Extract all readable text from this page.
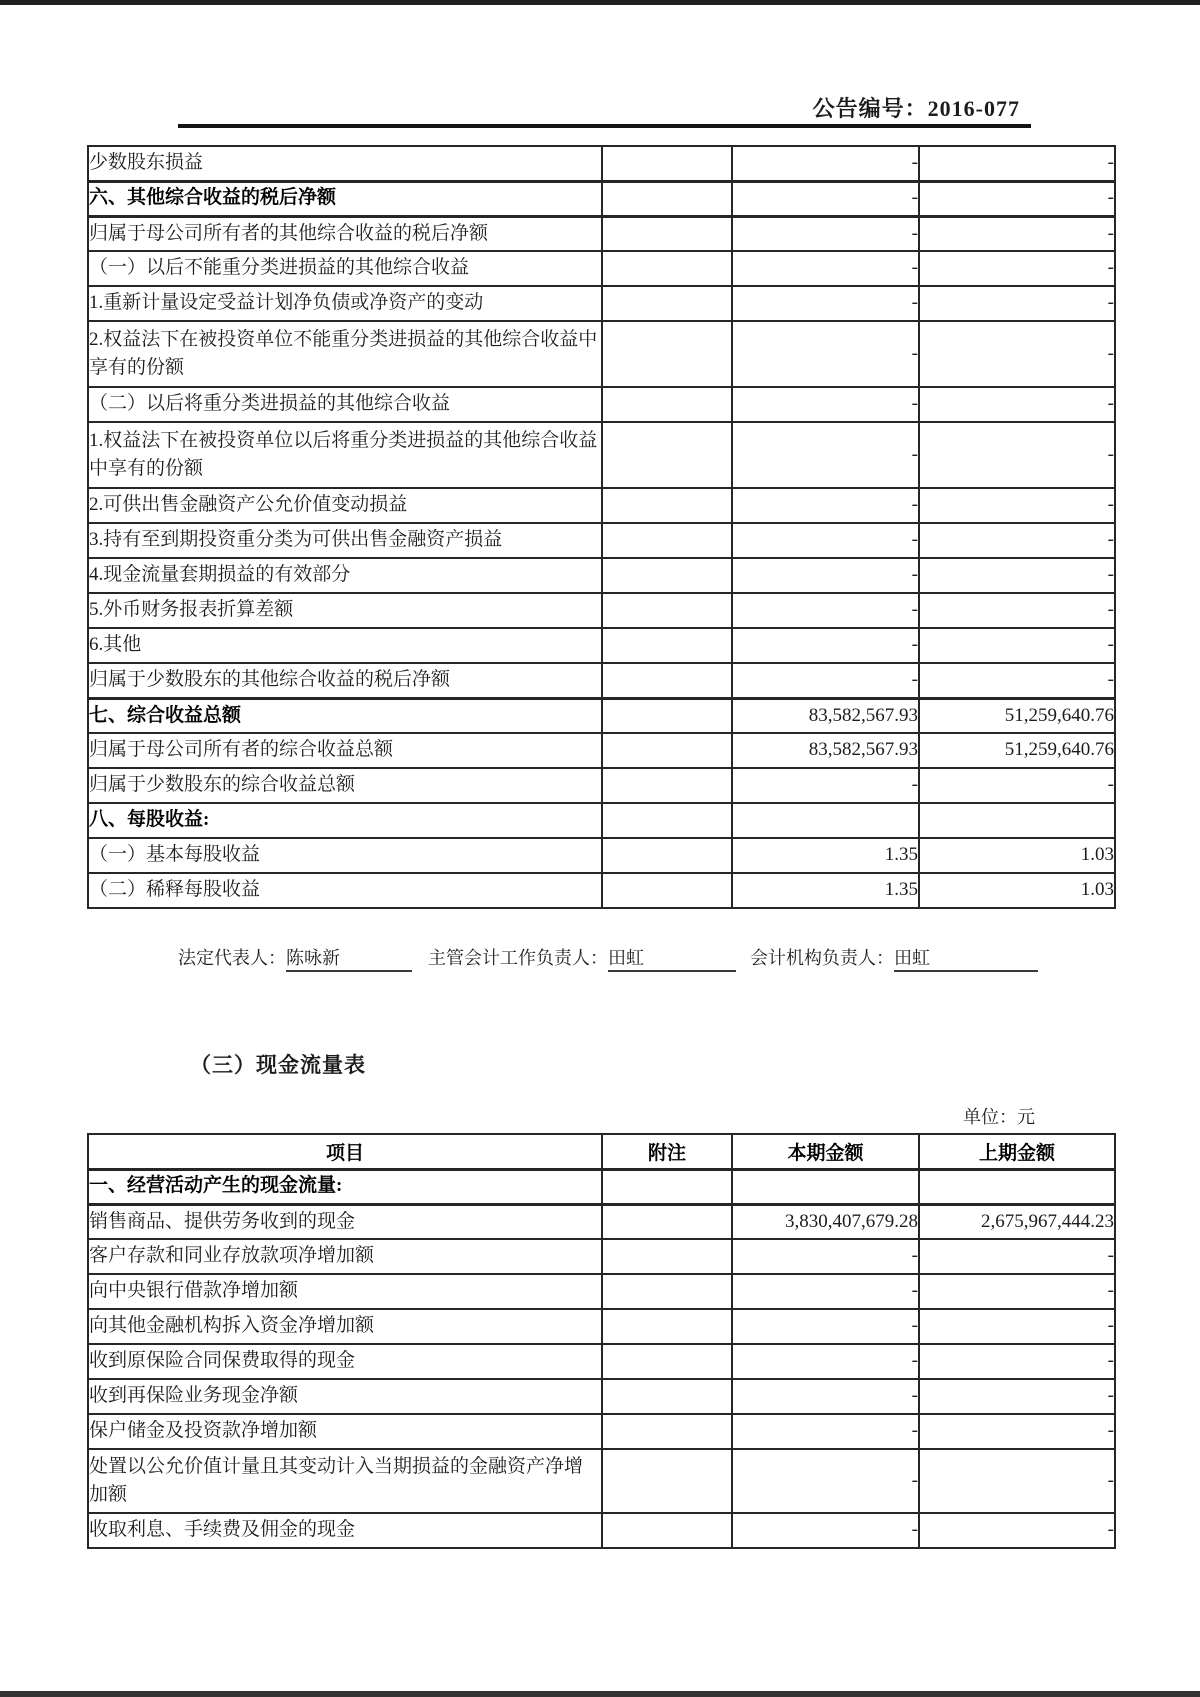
公告编号：2016-077
少数股东损益		-	-
六、其他综合收益的税后净额		-	-
归属于母公司所有者的其他综合收益的税后净额		-	-
（一）以后不能重分类进损益的其他综合收益		-	-
1.重新计量设定受益计划净负债或净资产的变动		-	-
2.权益法下在被投资单位不能重分类进损益的其他综合收益中享有的份额		-	-
（二）以后将重分类进损益的其他综合收益		-	-
1.权益法下在被投资单位以后将重分类进损益的其他综合收益中享有的份额		-	-
2.可供出售金融资产公允价值变动损益		-	-
3.持有至到期投资重分类为可供出售金融资产损益		-	-
4.现金流量套期损益的有效部分		-	-
5.外币财务报表折算差额		-	-
6.其他		-	-
归属于少数股东的其他综合收益的税后净额		-	-
七、综合收益总额		83,582,567.93	51,259,640.76
归属于母公司所有者的综合收益总额		83,582,567.93	51,259,640.76
归属于少数股东的综合收益总额		-	-
八、每股收益:			
（一）基本每股收益		1.35	1.03
（二）稀释每股收益		1.35	1.03
法定代表人：陈咏新	主管会计工作负责人：田虹	会计机构负责人：田虹
（三）现金流量表
单位：元
项目	附注	本期金额	上期金额
一、经营活动产生的现金流量:			
销售商品、提供劳务收到的现金		3,830,407,679.28	2,675,967,444.23
客户存款和同业存放款项净增加额		-	-
向中央银行借款净增加额		-	-
向其他金融机构拆入资金净增加额		-	-
收到原保险合同保费取得的现金		-	-
收到再保险业务现金净额		-	-
保户储金及投资款净增加额		-	-
处置以公允价值计量且其变动计入当期损益的金融资产净增加额		-	-
收取利息、手续费及佣金的现金		-	-
